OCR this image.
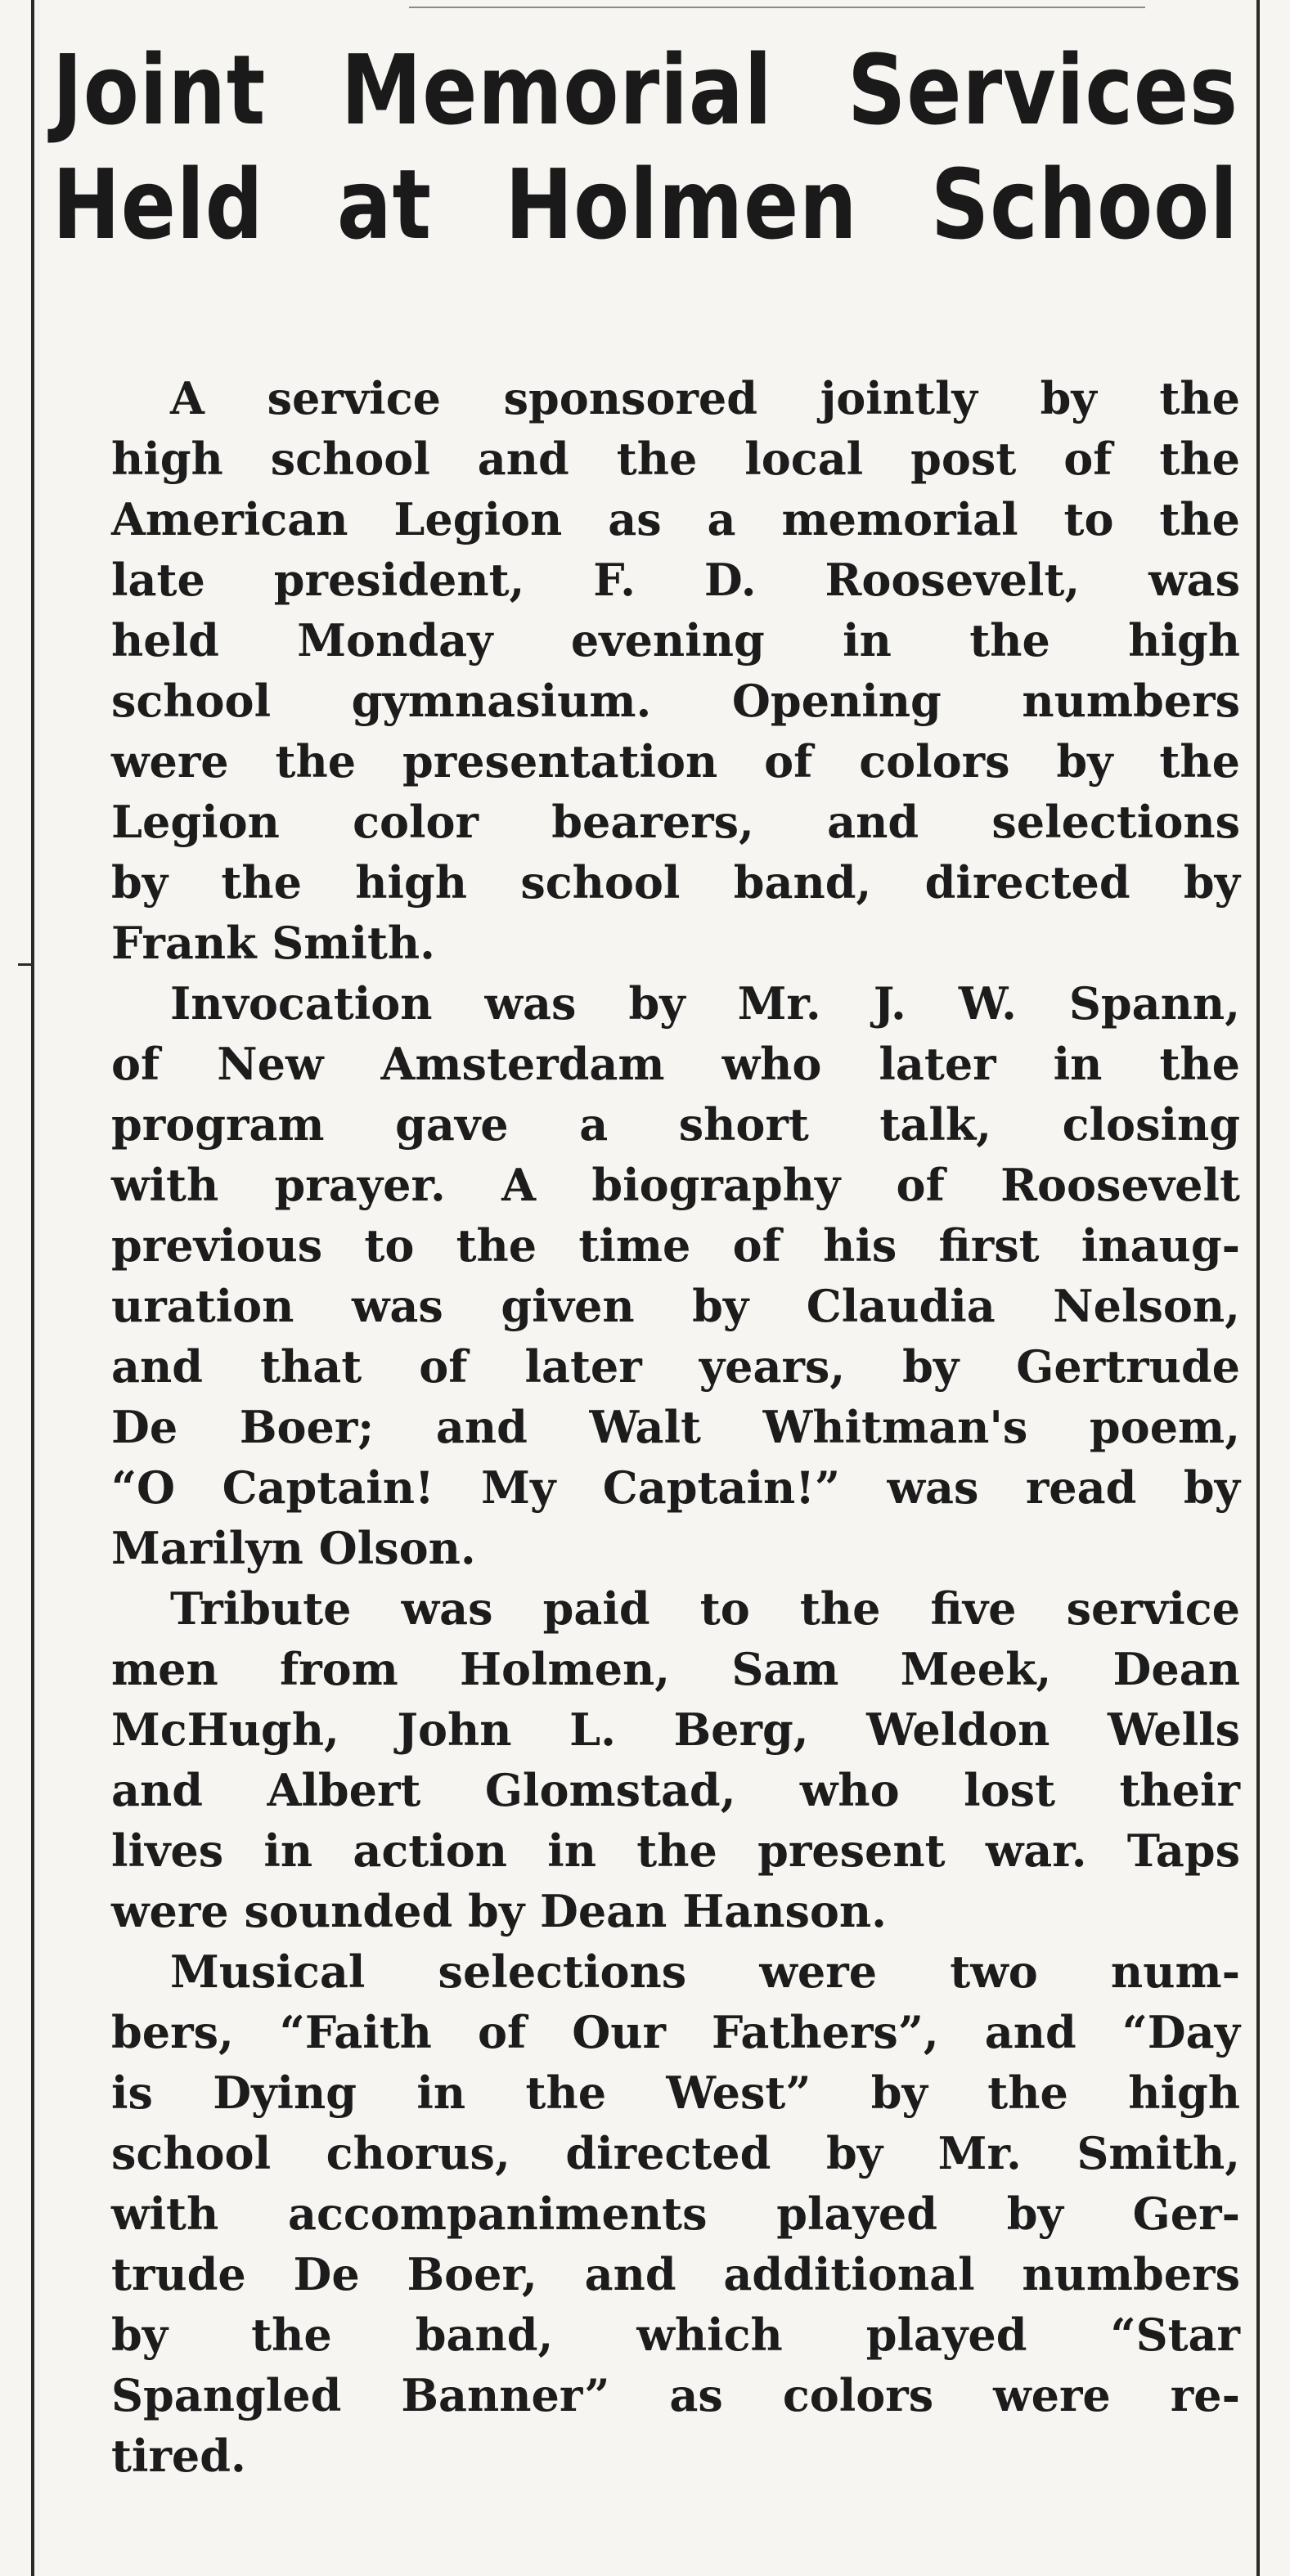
Joint Memorial Services
Held at Holmen School

A service sponsored jointly by the
high school and the local post of the
American Legion as a memorial to the
late president, F. D. Roosevelt, was
held Monday evening in the high
school gymnasium. Opening numbers
were the presentation of colors by the
Legion color bearers, and selections
by the high school band, directed by
Frank Smith.

Invocation was by Mr. J. W. Spann,
of New Amsterdam who later in the
program gave a short talk, closing
with prayer. A biography of Roosevelt
previous to the time of his first inaug-
uration was given by Claudia Nelson,
and that of later years, by Gertrude
De Boer; and Walt Whitman's poem,
“O Captain! My Captain!” was read by
Marilyn Olson.

Tribute was paid to the five service
men from Holmen, Sam Meek, Dean
McHugh, John L. Berg, Weldon Wells
and Albert Glomstad, who lost their
lives in action in the present war. Taps
were sounded by Dean Hanson.

Musical selections were two num-
bers, “Faith of Our Fathers”, and “Day
is Dying in the West” by the high
school chorus, directed by Mr. Smith,
with accompaniments played by Ger-
trude De Boer, and additional numbers
by the band, which played “Star
Spangled Banner” as colors were re-
tired.
